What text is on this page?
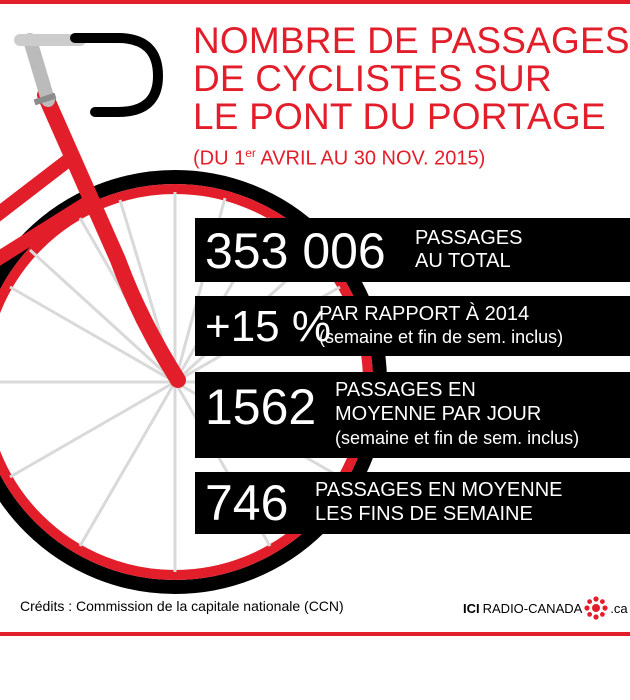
NOMBRE DE PASSAGES
DE CYCLISTES SUR
LE PONT DU PORTAGE
(DU 1er AVRIL AU 30 NOV. 2015)
353 006 PASSAGES
AU TOTAL
+15 %
PAR RAPPORT À 2014
(semaine et fin de sem. inclus)
1562 PASSAGES EN
MOYENNE PAR JOUR
(semaine et fin de sem. inclus)
746 PASSAGES EN MOYENNE
LES FINS DE SEMAINE
Crédits : Commission de la capitale nationale (CCN)	ICI RADIO-CANADA .ca
